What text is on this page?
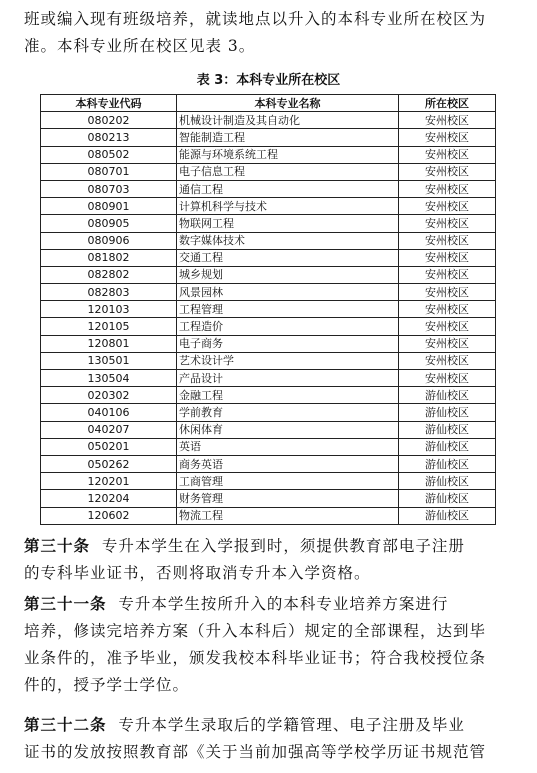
班或编入现有班级培养，就读地点以升入的本科专业所在校区为
准。本科专业所在校区见表 3。
表 3：本科专业所在校区
本科专业代码	本科专业名称	所在校区
080202	机械设计制造及其自动化	安州校区
080213	智能制造工程	安州校区
080502	能源与环境系统工程	安州校区
080701	电子信息工程	安州校区
080703	通信工程	安州校区
080901	计算机科学与技术	安州校区
080905	物联网工程	安州校区
080906	数字媒体技术	安州校区
081802	交通工程	安州校区
082802	城乡规划	安州校区
082803	风景园林	安州校区
120103	工程管理	安州校区
120105	工程造价	安州校区
120801	电子商务	安州校区
130501	艺术设计学	安州校区
130504	产品设计	安州校区
020302	金融工程	游仙校区
040106	学前教育	游仙校区
040207	休闲体育	游仙校区
050201	英语	游仙校区
050262	商务英语	游仙校区
120201	工商管理	游仙校区
120204	财务管理	游仙校区
120602	物流工程	游仙校区
第三十条 专升本学生在入学报到时，须提供教育部电子注册
的专科毕业证书，否则将取消专升本入学资格。
第三十一条 专升本学生按所升入的本科专业培养方案进行
培养，修读完培养方案（升入本科后）规定的全部课程，达到毕
业条件的，准予毕业，颁发我校本科毕业证书；符合我校授位条
件的，授予学士学位。
第三十二条 专升本学生录取后的学籍管理、电子注册及毕业
证书的发放按照教育部《关于当前加强高等学校学历证书规范管
